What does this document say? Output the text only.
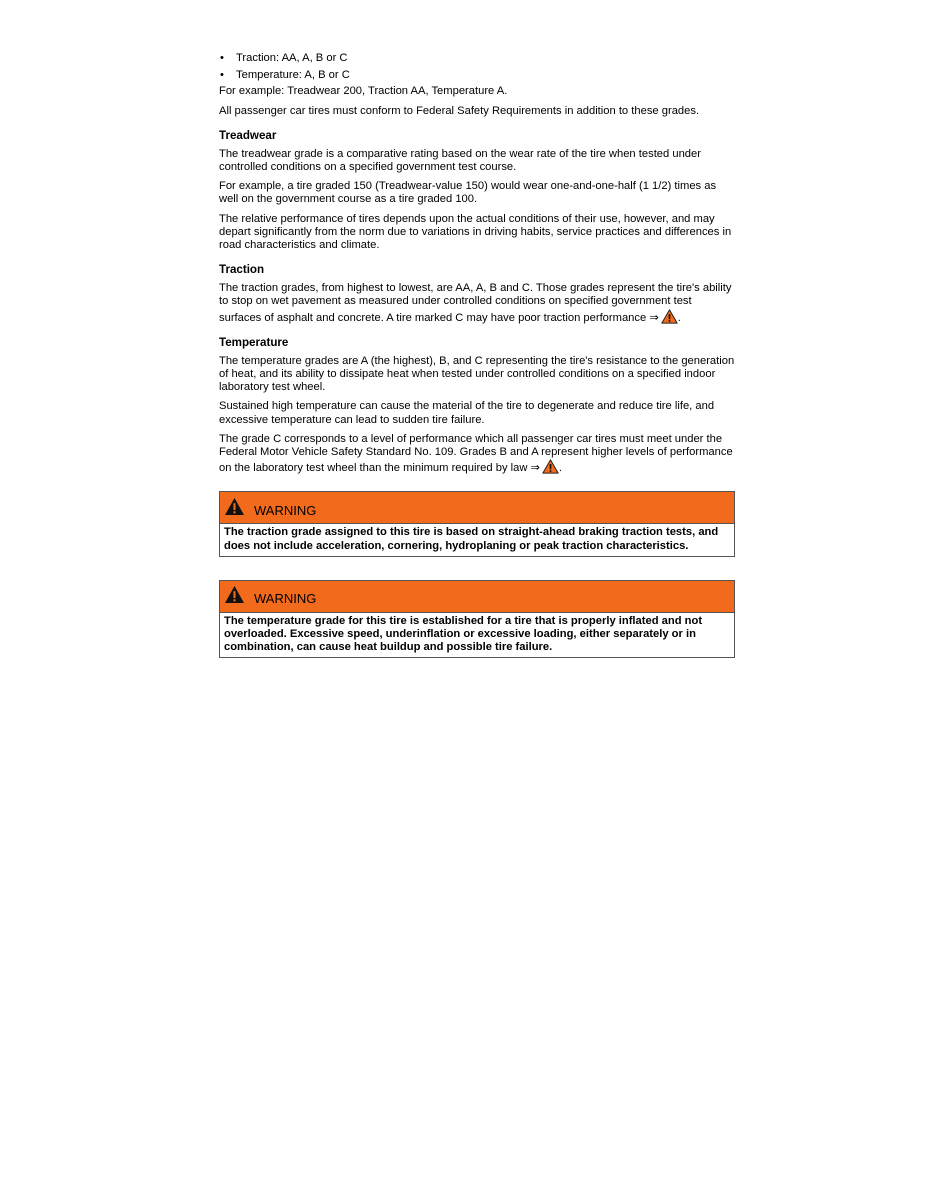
• Traction: AA, A, B or C
• Temperature: A, B or C

For example: Treadwear 200, Traction AA, Temperature A.

All passenger car tires must conform to Federal Safety Requirements in addition to these grades.

Treadwear

The treadwear grade is a comparative rating based on the wear rate of the tire when tested under controlled conditions on a specified government test course.

For example, a tire graded 150 (Treadwear-value 150) would wear one-and-one-half (1 1/2) times as well on the government course as a tire graded 100.

The relative performance of tires depends upon the actual conditions of their use, however, and may depart significantly from the norm due to variations in driving habits, service practices and differences in road characteristics and climate.

Traction

The traction grades, from highest to lowest, are AA, A, B and C. Those grades represent the tire's ability to stop on wet pavement as measured under controlled conditions on specified government test surfaces of asphalt and concrete. A tire marked C may have poor traction performance ⇒ .

Temperature

The temperature grades are A (the highest), B, and C representing the tire's resistance to the generation of heat, and its ability to dissipate heat when tested under controlled conditions on a specified indoor laboratory test wheel.

Sustained high temperature can cause the material of the tire to degenerate and reduce tire life, and excessive temperature can lead to sudden tire failure.

The grade C corresponds to a level of performance which all passenger car tires must meet under the Federal Motor Vehicle Safety Standard No. 109. Grades B and A represent higher levels of performance on the laboratory test wheel than the minimum required by law ⇒ .

WARNING
The traction grade assigned to this tire is based on straight-ahead braking traction tests, and does not include acceleration, cornering, hydroplaning or peak traction characteristics.
WARNING
The temperature grade for this tire is established for a tire that is properly inflated and not overloaded. Excessive speed, underinflation or excessive loading, either separately or in combination, can cause heat buildup and possible tire failure.
